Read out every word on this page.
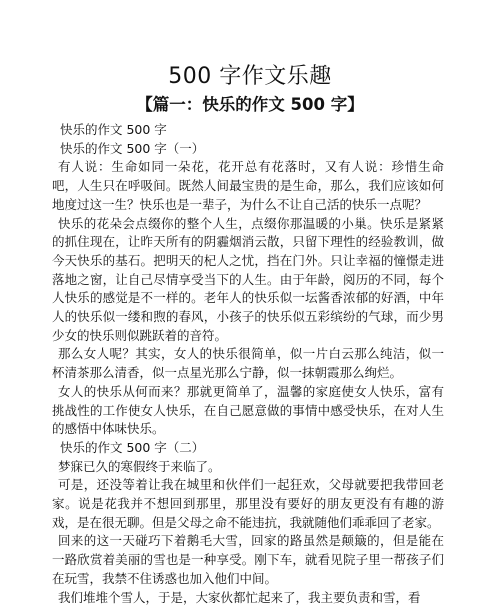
500 字作文乐趣
【篇一：快乐的作文 500 字】

快乐的作文 500 字

快乐的作文 500 字（一）

有人说：生命如同一朵花，花开总有花落时，又有人说：珍惜生命吧，人生只在呼吸间。既然人间最宝贵的是生命，那么，我们应该如何地度过这一生？快乐也是一辈子，为什么不让自己活的快乐一点呢？

快乐的花朵会点缀你的整个人生，点缀你那温暖的小巢。快乐是紧紧的抓住现在，让昨天所有的阴霾烟消云散，只留下理性的经验教训，做今天快乐的基石。把明天的杞人之忧，挡在门外。只让幸福的憧憬走进落地之窗，让自己尽情享受当下的人生。由于年龄，阅历的不同，每个人快乐的感觉是不一样的。老年人的快乐似一坛酱香浓郁的好酒，中年人的快乐似一缕和煦的春风，小孩子的快乐似五彩缤纷的气球，而少男少女的快乐则似跳跃着的音符。

那么女人呢？其实，女人的快乐很简单，似一片白云那么纯洁，似一杯清茶那么清香，似一点星光那么宁静，似一抹朝霞那么绚烂。

女人的快乐从何而来？那就更简单了，温馨的家庭使女人快乐，富有挑战性的工作使女人快乐，在自己愿意做的事情中感受快乐，在对人生的感悟中体味快乐。

快乐的作文 500 字（二）

梦寐已久的寒假终于来临了。

可是，还没等着让我在城里和伙伴们一起狂欢，父母就要把我带回老家。说是花我并不想回到那里，那里没有要好的朋友更没有有趣的游戏，是在很无聊。但是父母之命不能违抗，我就随他们乖乖回了老家。

回来的这一天碰巧下着鹅毛大雪，回家的路虽然是颠簸的，但是能在一路欣赏着美丽的雪也是一种享受。刚下车，就看见院子里一帮孩子们在玩雪，我禁不住诱惑也加入他们中间。

我们堆堆个雪人，于是，大家伙都忙起来了，我主要负责和雪，看
